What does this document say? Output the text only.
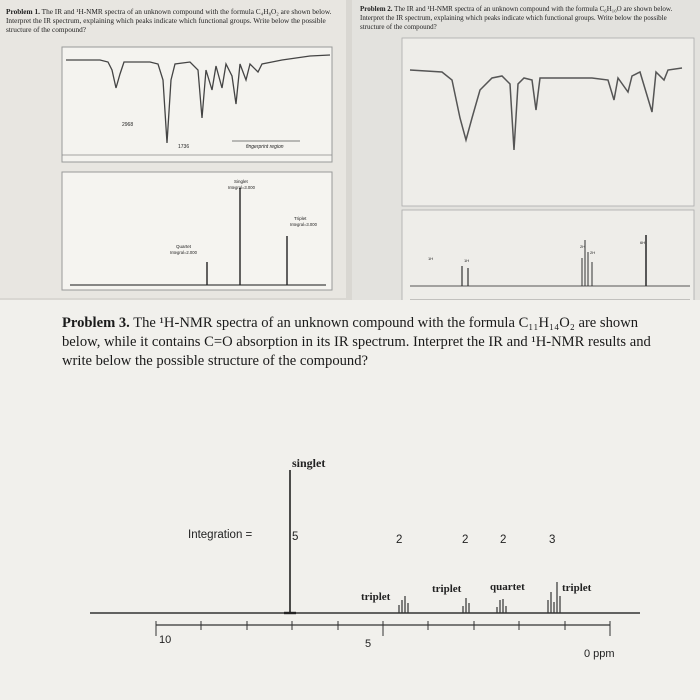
Problem 1. The IR and ¹H-NMR spectra of an unknown compound with the formula C₄H₈O₂ are shown below. Interpret the IR spectrum, explaining which peaks indicate which functional groups. Write below the possible structure of the compound?
2968
1736	fingerprint region
Singlet
Integral=3.000
Triplet
Integral=3.000
Quartet
Integral=2.000
Problem 2. The IR and ¹H-NMR spectra of an unknown compound with the formula C₆H₁₀O are shown below. Interpret the IR spectrum, explaining which peaks indicate which functional groups. Write below the possible structure of the compound?
1H	1H
2H
2H
6H
Problem 3. The ¹H-NMR spectra of an unknown compound with the formula C₁₁H₁₄O₂ are shown below, while it contains C=O absorption in its IR spectrum. Interpret the IR and ¹H-NMR results and write below the possible structure of the compound?
singlet
Integration =	5	2	2	2	3
triplet
triplet	quartet	triplet
10	5
0 ppm
